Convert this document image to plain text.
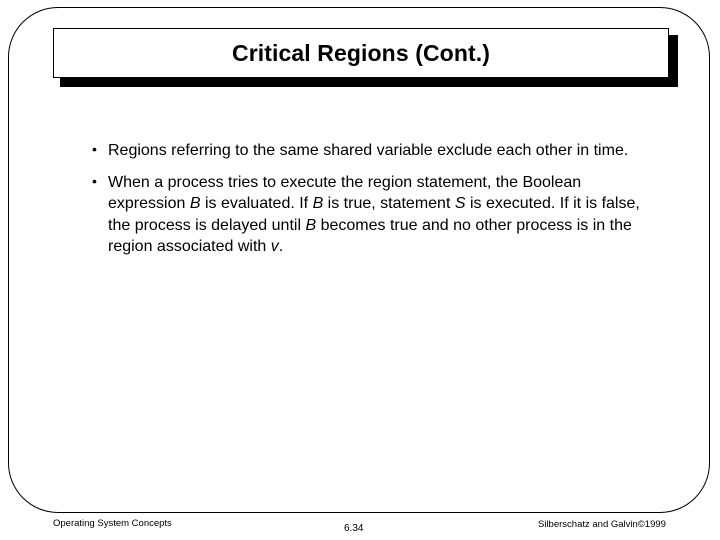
Critical Regions (Cont.)
• Regions referring to the same shared variable exclude each other in time.
• When a process tries to execute the region statement, the Boolean expression B is evaluated. If B is true, statement S is executed. If it is false, the process is delayed until B becomes true and no other process is in the region associated with v.
Operating System Concepts	6.34	Silberschatz and Galvin©1999
